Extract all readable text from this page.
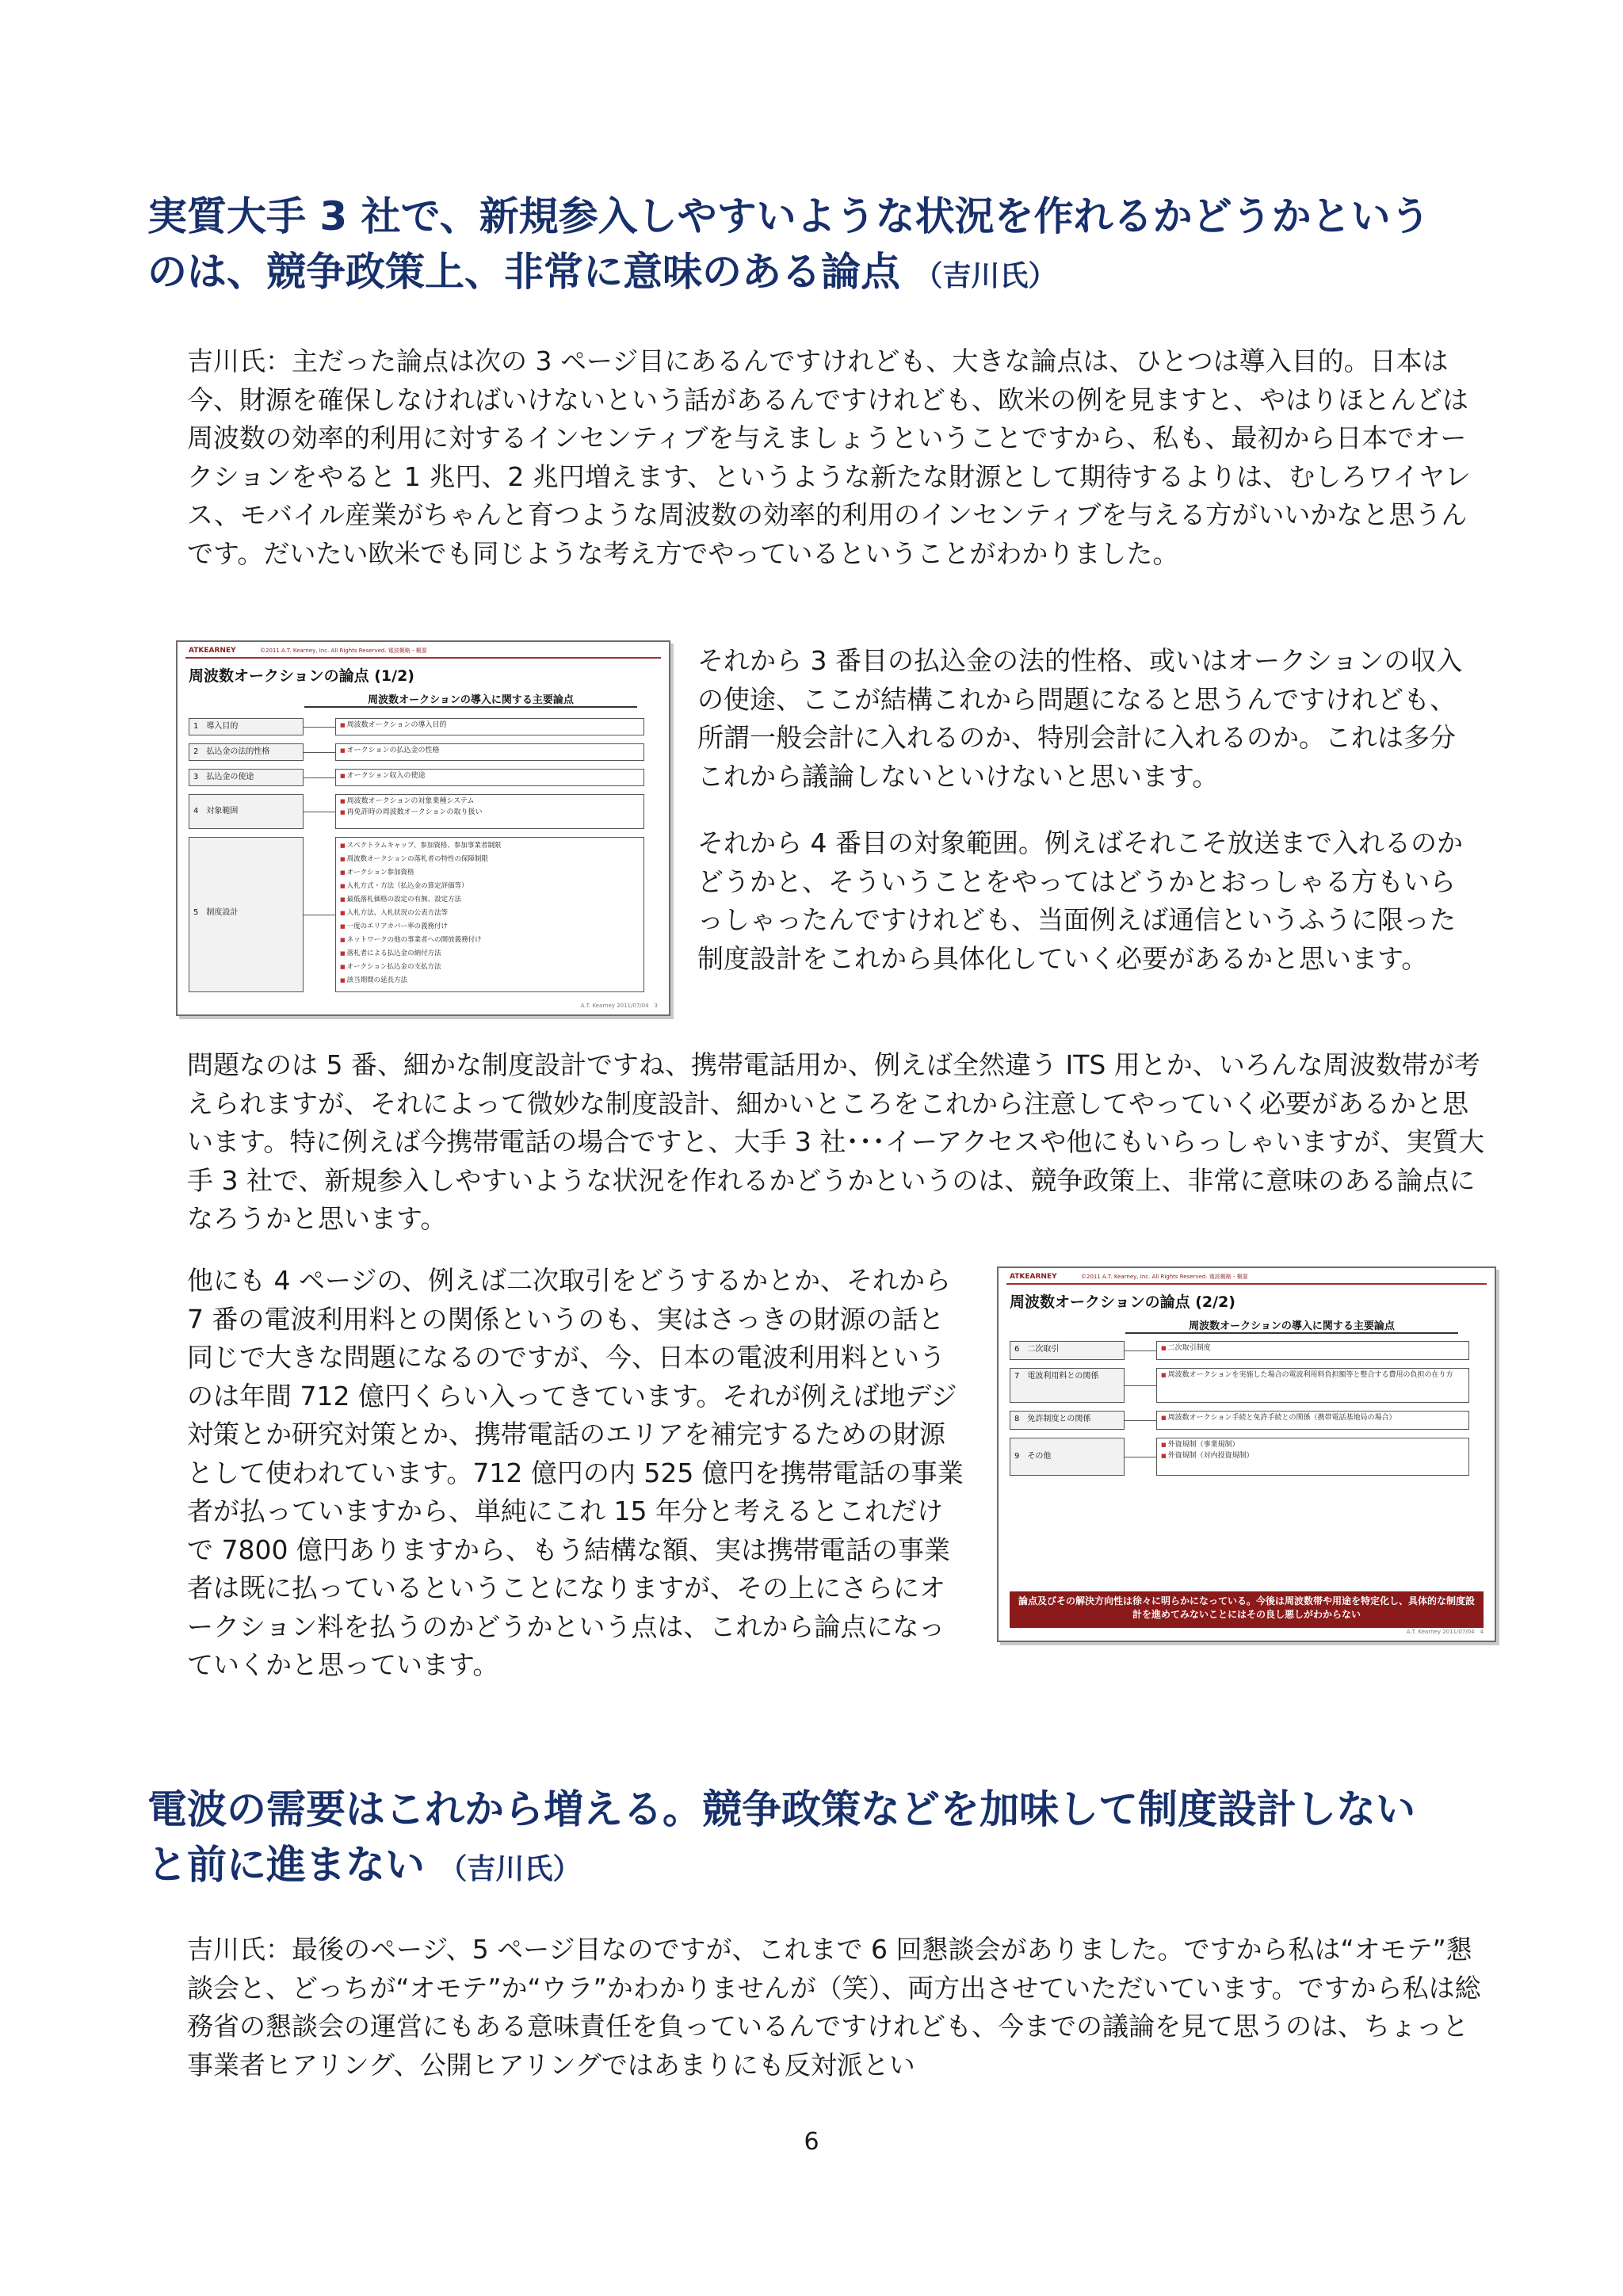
実質大手 3 社で、新規参入しやすいような状況を作れるかどうかという
のは、競争政策上、非常に意味のある論点 （吉川氏）

吉川氏：主だった論点は次の 3 ページ目にあるんですけれども、大きな論点は、ひとつは導入目的。日本は今、財源を確保しなければいけないという話があるんですけれども、欧米の例を見ますと、やはりほとんどは周波数の効率的利用に対するインセンティブを与えましょうということですから、私も、最初から日本でオークションをやると 1 兆円、2 兆円増えます、というような新たな財源として期待するよりは、むしろワイヤレス、モバイル産業がちゃんと育つような周波数の効率的利用のインセンティブを与える方がいいかなと思うんです。だいたい欧米でも同じような考え方でやっているということがわかりました。

ATKEARNEY	©2011 A.T. Kearney, Inc. All Rights Reserved. 電波概略・概要
周波数オークションの論点 (1/2)
周波数オークションの導入に関する主要論点
1　導入目的	■ 周波数オークションの導入目的
2　払込金の法的性格	■ オークションの払込金の性格
3　払込金の使途	■ オークション収入の使途
4　対象範囲
■ 周波数オークションの対象業種システム
■ 再免許時の周波数オークションの取り扱い
5　制度設計
■ スペクトラムキャップ、参加資格、参加事業者制限
■ 周波数オークションの落札者の特性の保障制限
■ オークション参加資格
■ 入札方式・方法（払込金の算定評価等）
■ 最低落札価格の設定の有無、設定方法
■ 入札方法、入札状況の公表方法等
■ 一度のエリアカバー率の義務付け
■ ネットワークの他の事業者への開放義務付け
■ 落札者による払込金の納付方法
■ オークション払込金の支払方法
■ 該当期間の延長方法
A.T. Kearney 2011/07/04　3

それから 3 番目の払込金の法的性格、或いはオークションの収入の使途、ここが結構これから問題になると思うんですけれども、所謂一般会計に入れるのか、特別会計に入れるのか。これは多分これから議論しないといけないと思います。

それから 4 番目の対象範囲。例えばそれこそ放送まで入れるのかどうかと、そういうことをやってはどうかとおっしゃる方もいらっしゃったんですけれども、当面例えば通信というふうに限った制度設計をこれから具体化していく必要があるかと思います。

問題なのは 5 番、細かな制度設計ですね、携帯電話用か、例えば全然違う ITS 用とか、いろんな周波数帯が考えられますが、それによって微妙な制度設計、細かいところをこれから注意してやっていく必要があるかと思います。特に例えば今携帯電話の場合ですと、大手 3 社･･･イーアクセスや他にもいらっしゃいますが、実質大手 3 社で、新規参入しやすいような状況を作れるかどうかというのは、競争政策上、非常に意味のある論点になろうかと思います。

他にも 4 ページの、例えば二次取引をどうするかとか、それから 7 番の電波利用料との関係というのも、実はさっきの財源の話と同じで大きな問題になるのですが、今、日本の電波利用料というのは年間 712 億円くらい入ってきています。それが例えば地デジ対策とか研究対策とか、携帯電話のエリアを補完するための財源として使われています。712 億円の内 525 億円を携帯電話の事業者が払っていますから、単純にこれ 15 年分と考えるとこれだけで 7800 億円ありますから、もう結構な額、実は携帯電話の事業者は既に払っているということになりますが、その上にさらにオークション料を払うのかどうかという点は、これから論点になっていくかと思っています。

ATKEARNEY	©2011 A.T. Kearney, Inc. All Rights Reserved. 電波概略・概要
周波数オークションの論点 (2/2)
周波数オークションの導入に関する主要論点
6　二次取引	■ 二次取引制度
7　電波利用料との関係	■ 周波数オークションを実施した場合の電波利用料負担額等と整合する費用の負担の在り方
8　免許制度との関係	■ 周波数オークション手続と免許手続との関係（携帯電話基地局の場合）
9　その他
■ 外資規制（事業規制）
■ 外資規制（対内投資規制）
論点及びその解決方向性は徐々に明らかになっている。今後は周波数帯や用途を特定化し、具体的な制度設計を進めてみないことにはその良し悪しがわからない
A.T. Kearney 2011/07/04　4
電波の需要はこれから増える。競争政策などを加味して制度設計しない
と前に進まない （吉川氏）

吉川氏：最後のページ、5 ページ目なのですが、これまで 6 回懇談会がありました。ですから私は“オモテ”懇談会と、どっちが“オモテ”か“ウラ”かわかりませんが（笑）、両方出させていただいています。ですから私は総務省の懇談会の運営にもある意味責任を負っているんですけれども、今までの議論を見て思うのは、ちょっと事業者ヒアリング、公開ヒアリングではあまりにも反対派とい

6
